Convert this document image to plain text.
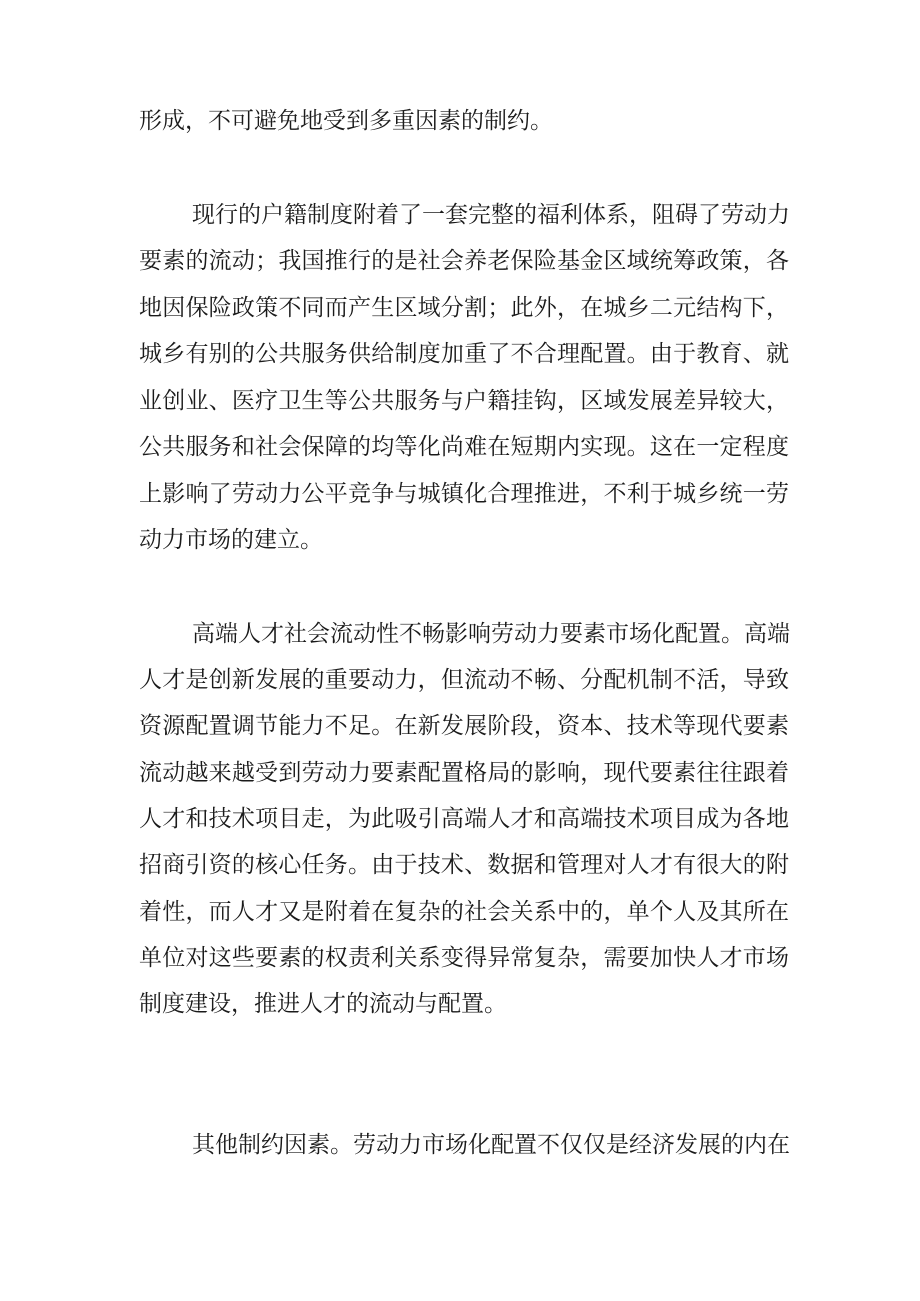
形成，不可避免地受到多重因素的制约。
现行的户籍制度附着了一套完整的福利体系，阻碍了劳动力
要素的流动；我国推行的是社会养老保险基金区域统筹政策，各
地因保险政策不同而产生区域分割；此外，在城乡二元结构下，
城乡有别的公共服务供给制度加重了不合理配置。由于教育、就
业创业、医疗卫生等公共服务与户籍挂钩，区域发展差异较大，
公共服务和社会保障的均等化尚难在短期内实现。这在一定程度
上影响了劳动力公平竞争与城镇化合理推进，不利于城乡统一劳
动力市场的建立。
高端人才社会流动性不畅影响劳动力要素市场化配置。高端
人才是创新发展的重要动力，但流动不畅、分配机制不活，导致
资源配置调节能力不足。在新发展阶段，资本、技术等现代要素
流动越来越受到劳动力要素配置格局的影响，现代要素往往跟着
人才和技术项目走，为此吸引高端人才和高端技术项目成为各地
招商引资的核心任务。由于技术、数据和管理对人才有很大的附
着性，而人才又是附着在复杂的社会关系中的，单个人及其所在
单位对这些要素的权责利关系变得异常复杂，需要加快人才市场
制度建设，推进人才的流动与配置。
其他制约因素。劳动力市场化配置不仅仅是经济发展的内在
